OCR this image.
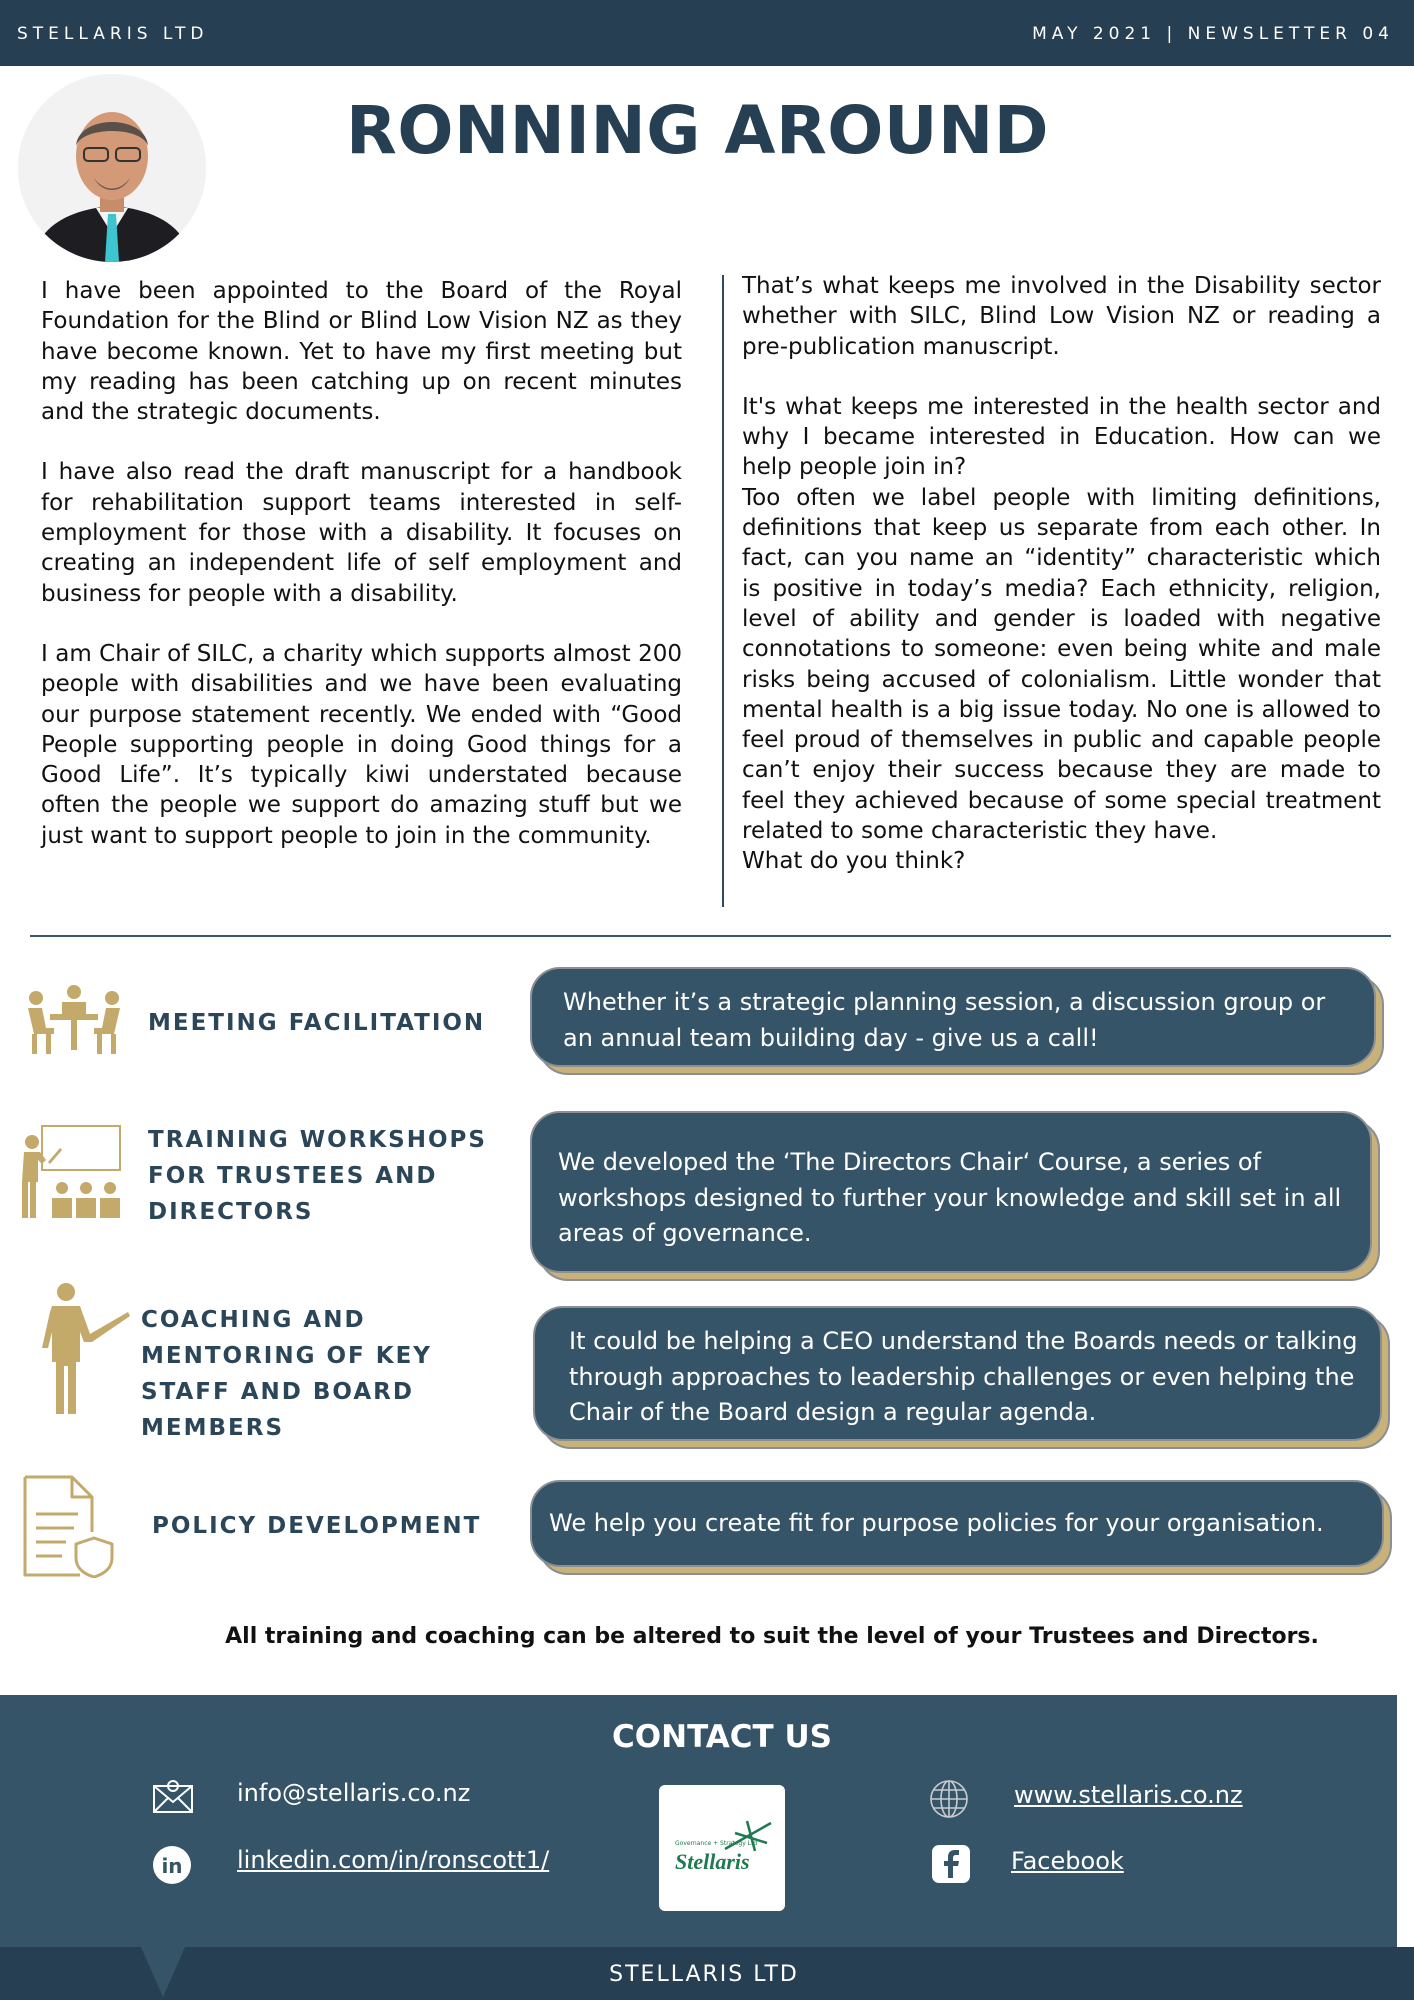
STELLARIS LTD	MAY 2021 | NEWSLETTER 04
RONNING AROUND

I have been appointed to the Board of the Royal Foundation for the Blind or Blind Low Vision NZ as they have become known. Yet to have my first meeting but my reading has been catching up on recent minutes and the strategic documents.

I have also read the draft manuscript for a handbook for rehabilitation support teams interested in self-employment for those with a disability. It focuses on creating an independent life of self employment and business for people with a disability.

I am Chair of SILC, a charity which supports almost 200 people with disabilities and we have been evaluating our purpose statement recently. We ended with “Good People supporting people in doing Good things for a Good Life”. It’s typically kiwi understated because often the people we support do amazing stuff but we just want to support people to join in the community.

That’s what keeps me involved in the Disability sector whether with SILC, Blind Low Vision NZ or reading a pre-publication manuscript.

It's what keeps me interested in the health sector and why I became interested in Education. How can we help people join in?

Too often we label people with limiting definitions, definitions that keep us separate from each other. In fact, can you name an “identity” characteristic which is positive in today’s media? Each ethnicity, religion, level of ability and gender is loaded with negative connotations to someone: even being white and male risks being accused of colonialism. Little wonder that mental health is a big issue today. No one is allowed to feel proud of themselves in public and capable people can’t enjoy their success because they are made to feel they achieved because of some special treatment related to some characteristic they have.

What do you think?

MEETING FACILITATION
Whether it’s a strategic planning session, a discussion group or an annual team building day - give us a call!
TRAINING WORKSHOPS FOR TRUSTEES AND DIRECTORS
We developed the ‘The Directors Chair‘ Course, a series of workshops designed to further your knowledge and skill set in all areas of governance.
COACHING AND MENTORING OF KEY STAFF AND BOARD MEMBERS
It could be helping a CEO understand the Boards needs or talking through approaches to leadership challenges or even helping the Chair of the Board design a regular agenda.
POLICY DEVELOPMENT	We help you create fit for purpose policies for your organisation.
All training and coaching can be altered to suit the level of your Trustees and Directors.
CONTACT US
info@stellaris.co.nz
in linkedin.com/in/ronscott1/
Governance + Strategy Ltd
Stellaris
www.stellaris.co.nz
Facebook
STELLARIS LTD
